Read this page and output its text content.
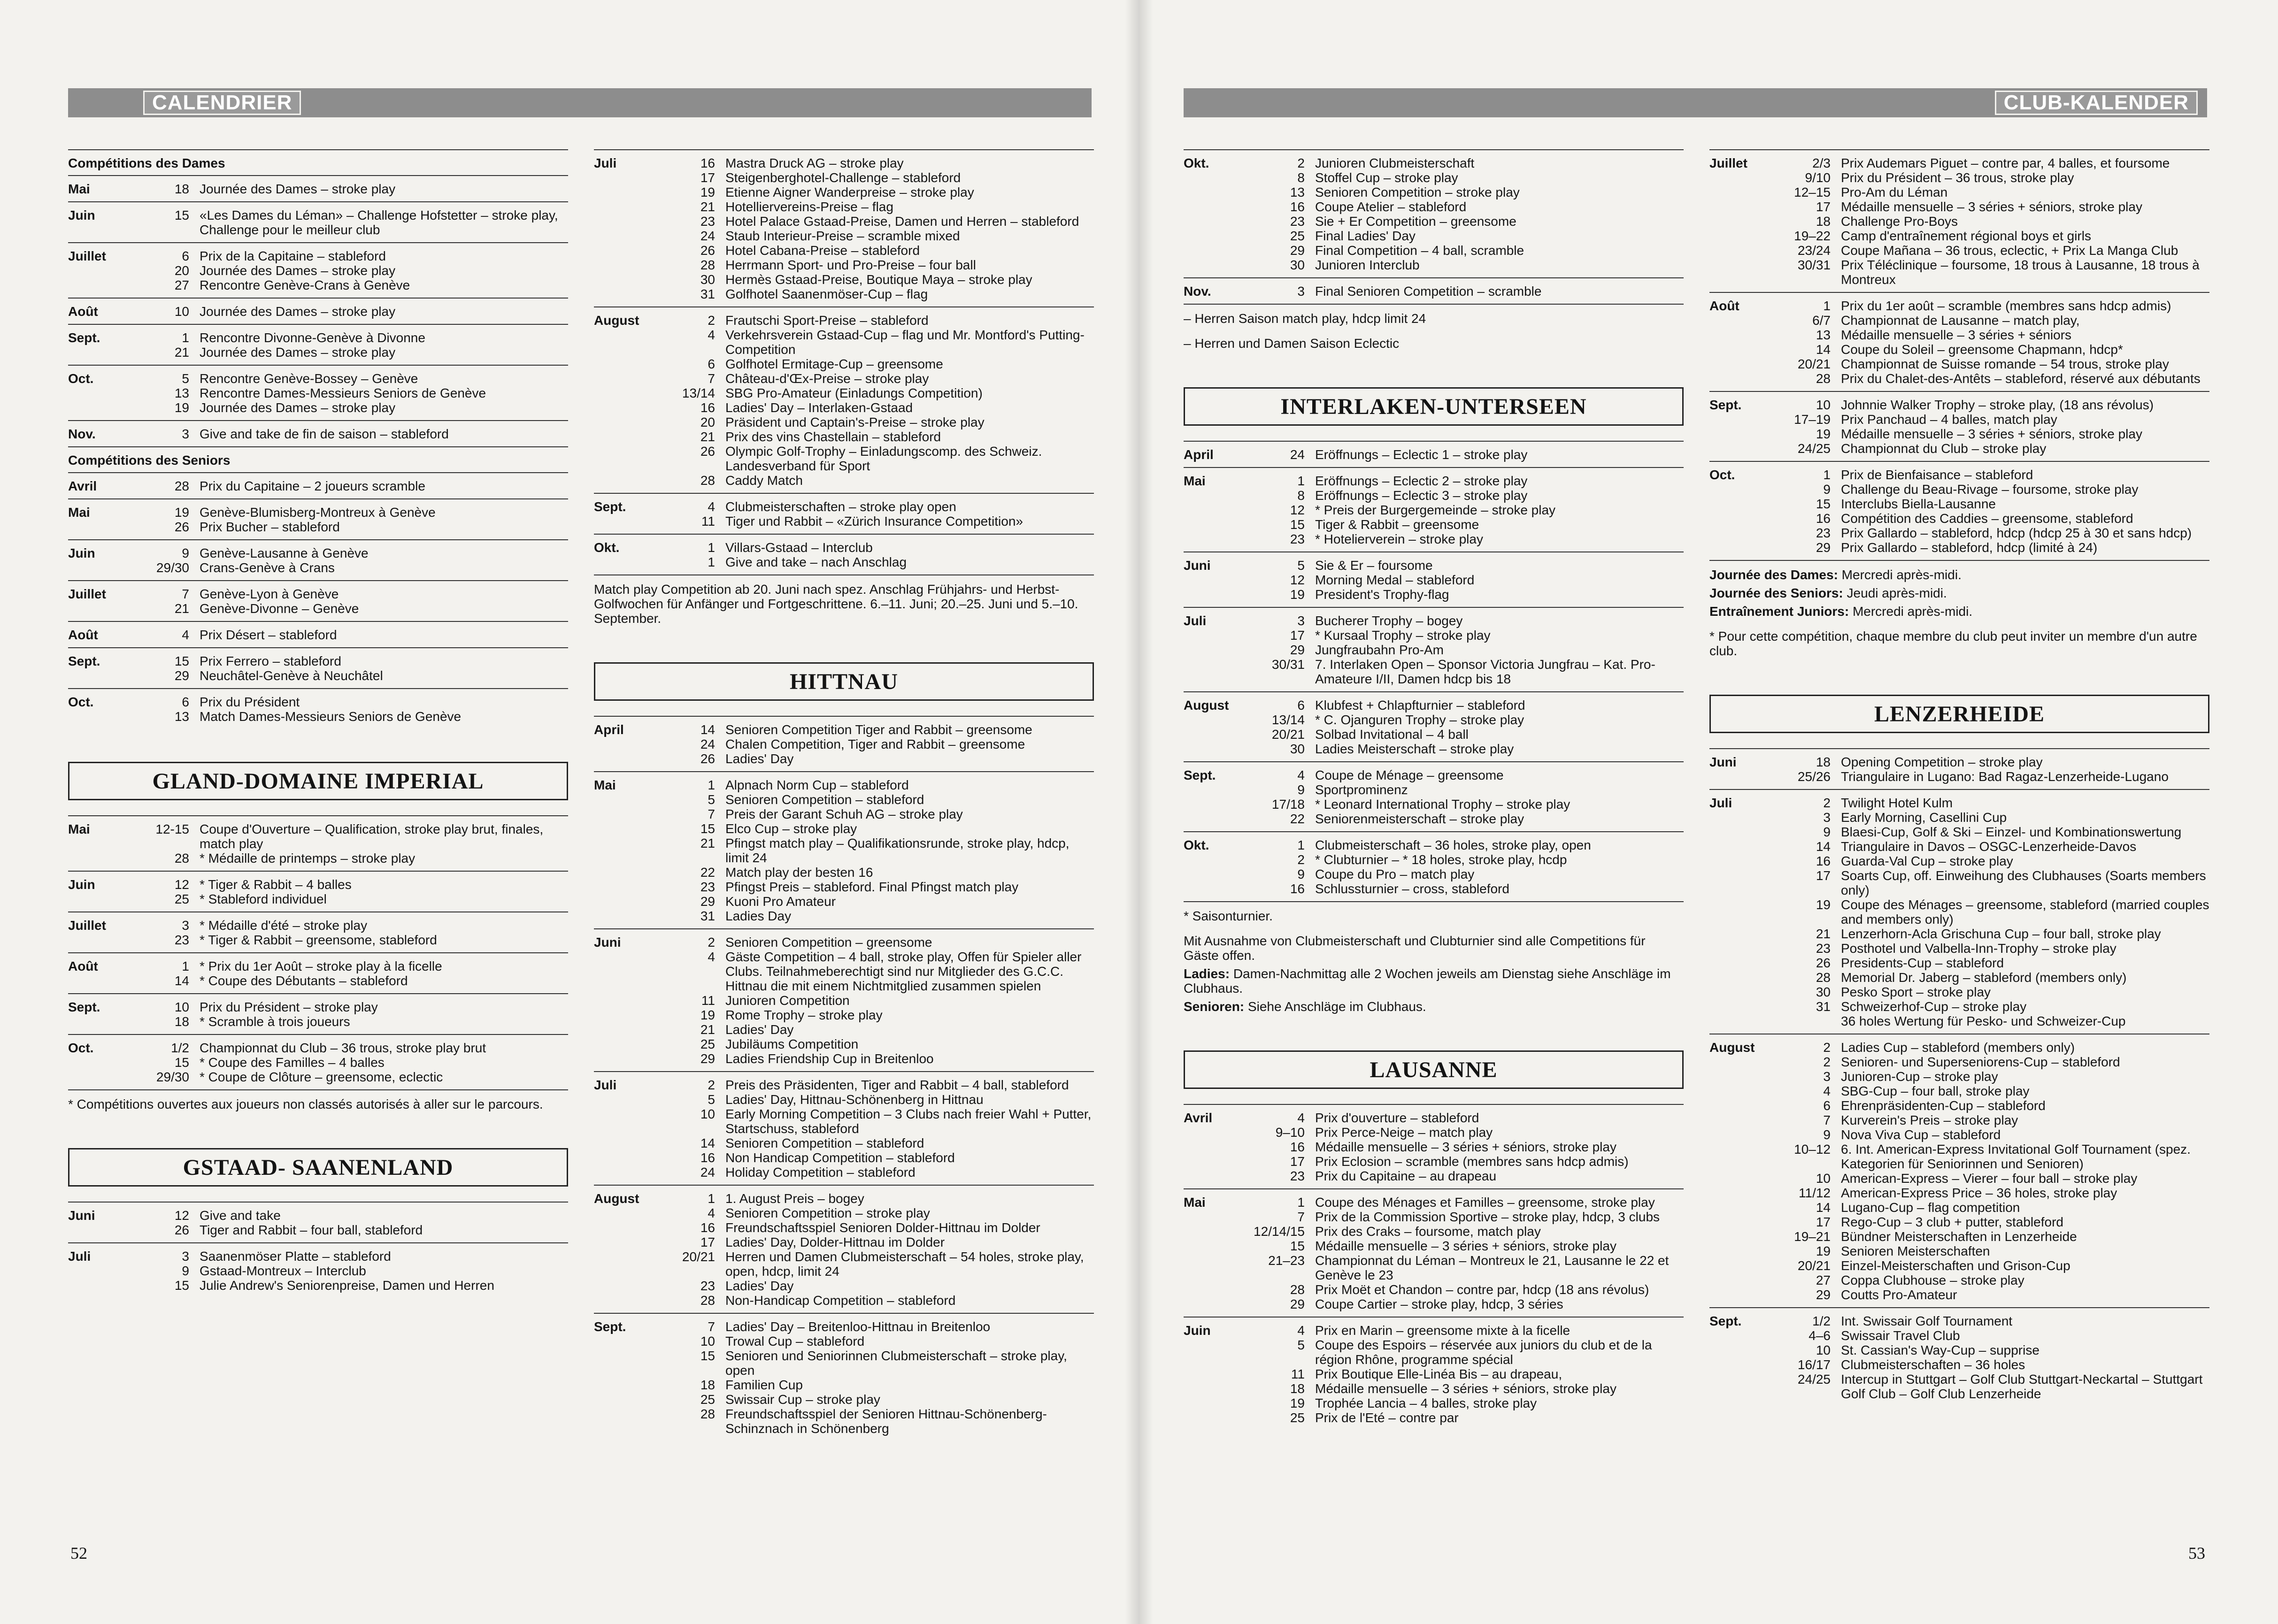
CALENDRIER
Compétitions des Dames
Mai	18 Journée des Dames – stroke play
Juin	15 «Les Dames du Léman» – Challenge Hofstetter – stroke play, Challenge pour le meilleur club
Juillet	6 Prix de la Capitaine – stableford
20 Journée des Dames – stroke play
27 Rencontre Genève-Crans à Genève
Août	10 Journée des Dames – stroke play
Sept.	1 Rencontre Divonne-Genève à Divonne
21 Journée des Dames – stroke play
Oct.	5 Rencontre Genève-Bossey – Genève
13 Rencontre Dames-Messieurs Seniors de Genève
19 Journée des Dames – stroke play
Nov.	3 Give and take de fin de saison – stableford
Compétitions des Seniors
Avril	28 Prix du Capitaine – 2 joueurs scramble
Mai	19 Genève-Blumisberg-Montreux à Genève
26 Prix Bucher – stableford
Juin	9 Genève-Lausanne à Genève
29/30 Crans-Genève à Crans
Juillet	7 Genève-Lyon à Genève
21 Genève-Divonne – Genève
Août	4 Prix Désert – stableford
Sept.	15 Prix Ferrero – stableford
29 Neuchâtel-Genève à Neuchâtel
Oct.	6 Prix du Président
13 Match Dames-Messieurs Seniors de Genève
GLAND-DOMAINE IMPERIAL
Mai	12-15 Coupe d'Ouverture – Qualification, stroke play brut, finales, match play
28 * Médaille de printemps – stroke play
Juin	12 * Tiger & Rabbit – 4 balles
25 * Stableford individuel
Juillet	3 * Médaille d'été – stroke play
23 * Tiger & Rabbit – greensome, stableford
Août	1 * Prix du 1er Août – stroke play à la ficelle
14 * Coupe des Débutants – stableford
Sept.	10 Prix du Président – stroke play
18 * Scramble à trois joueurs
Oct.	1/2 Championnat du Club – 36 trous, stroke play brut
15 * Coupe des Familles – 4 balles
29/30 * Coupe de Clôture – greensome, eclectic
* Compétitions ouvertes aux joueurs non classés autorisés à aller sur le parcours.
GSTAAD- SAANENLAND
Juni	12 Give and take
26 Tiger and Rabbit – four ball, stableford
Juli	3 Saanenmöser Platte – stableford
9 Gstaad-Montreux – Interclub
15 Julie Andrew's Seniorenpreise, Damen und Herren
Juli	16 Mastra Druck AG – stroke play
17 Steigenberghotel-Challenge – stableford
19 Etienne Aigner Wanderpreise – stroke play
21 Hotelliervereins-Preise – flag
23 Hotel Palace Gstaad-Preise, Damen und Herren – stableford
24 Staub Interieur-Preise – scramble mixed
26 Hotel Cabana-Preise – stableford
28 Herrmann Sport- und Pro-Preise – four ball
30 Hermès Gstaad-Preise, Boutique Maya – stroke play
31 Golfhotel Saanenmöser-Cup – flag
August	2 Frautschi Sport-Preise – stableford
4 Verkehrsverein Gstaad-Cup – flag und Mr. Montford's Putting-Competition
6 Golfhotel Ermitage-Cup – greensome
7 Château-d'Œx-Preise – stroke play
13/14 SBG Pro-Amateur (Einladungs Competition)
16 Ladies' Day – Interlaken-Gstaad
20 Präsident und Captain's-Preise – stroke play
21 Prix des vins Chastellain – stableford
26 Olympic Golf-Trophy – Einladungscomp. des Schweiz. Landesverband für Sport
28 Caddy Match
Sept.	4 Clubmeisterschaften – stroke play open
11 Tiger und Rabbit – «Zürich Insurance Competition»
Okt.	1 Villars-Gstaad – Interclub
1 Give and take – nach Anschlag
Match play Competition ab 20. Juni nach spez. Anschlag Frühjahrs- und Herbst-Golfwochen für Anfänger und Fortgeschrittene. 6.–11. Juni; 20.–25. Juni und 5.–10. September.
HITTNAU
April	14 Senioren Competition Tiger and Rabbit – greensome
24 Chalen Competition, Tiger and Rabbit – greensome
26 Ladies' Day
Mai	1 Alpnach Norm Cup – stableford
5 Senioren Competition – stableford
7 Preis der Garant Schuh AG – stroke play
15 Elco Cup – stroke play
21 Pfingst match play – Qualifikationsrunde, stroke play, hdcp, limit 24
22 Match play der besten 16
23 Pfingst Preis – stableford. Final Pfingst match play
29 Kuoni Pro Amateur
31 Ladies Day
Juni	2 Senioren Competition – greensome
4 Gäste Competition – 4 ball, stroke play, Offen für Spieler aller Clubs. Teilnahmeberechtigt sind nur Mitglieder des G.C.C. Hittnau die mit einem Nichtmitglied zusammen spielen
11 Junioren Competition
19 Rome Trophy – stroke play
21 Ladies' Day
25 Jubiläums Competition
29 Ladies Friendship Cup in Breitenloo
Juli	2 Preis des Präsidenten, Tiger and Rabbit – 4 ball, stableford
5 Ladies' Day, Hittnau-Schönenberg in Hittnau
10 Early Morning Competition – 3 Clubs nach freier Wahl + Putter, Startschuss, stableford
14 Senioren Competition – stableford
16 Non Handicap Competition – stableford
24 Holiday Competition – stableford
August	1 1. August Preis – bogey
4 Senioren Competition – stroke play
16 Freundschaftsspiel Senioren Dolder-Hittnau im Dolder
17 Ladies' Day, Dolder-Hittnau im Dolder
20/21 Herren und Damen Clubmeisterschaft – 54 holes, stroke play, open, hdcp, limit 24
23 Ladies' Day
28 Non-Handicap Competition – stableford
Sept.	7 Ladies' Day – Breitenloo-Hittnau in Breitenloo
10 Trowal Cup – stableford
15 Senioren und Seniorinnen Clubmeisterschaft – stroke play, open
18 Familien Cup
25 Swissair Cup – stroke play
28 Freundschaftsspiel der Senioren Hittnau-Schönenberg-Schinznach in Schönenberg
52
CLUB-KALENDER
Okt.	2 Junioren Clubmeisterschaft
8 Stoffel Cup – stroke play
13 Senioren Competition – stroke play
16 Coupe Atelier – stableford
23 Sie + Er Competition – greensome
25 Final Ladies' Day
29 Final Competition – 4 ball, scramble
30 Junioren Interclub
Nov.	3 Final Senioren Competition – scramble
– Herren Saison match play, hdcp limit 24
– Herren und Damen Saison Eclectic
INTERLAKEN-UNTERSEEN
April	24 Eröffnungs – Eclectic 1 – stroke play
Mai	1 Eröffnungs – Eclectic 2 – stroke play
8 Eröffnungs – Eclectic 3 – stroke play
12 * Preis der Burgergemeinde – stroke play
15 Tiger & Rabbit – greensome
23 * Hotelierverein – stroke play
Juni	5 Sie & Er – foursome
12 Morning Medal – stableford
19 President's Trophy-flag
Juli	3 Bucherer Trophy – bogey
17 * Kursaal Trophy – stroke play
29 Jungfraubahn Pro-Am
30/31 7. Interlaken Open – Sponsor Victoria Jungfrau – Kat. Pro-Amateure I/II, Damen hdcp bis 18
August	6 Klubfest + Chlapfturnier – stableford
13/14 * C. Ojanguren Trophy – stroke play
20/21 Solbad Invitational – 4 ball
30 Ladies Meisterschaft – stroke play
Sept.	4 Coupe de Ménage – greensome
9 Sportprominenz
17/18 * Leonard International Trophy – stroke play
22 Seniorenmeisterschaft – stroke play
Okt.	1 Clubmeisterschaft – 36 holes, stroke play, open
2 * Clubturnier – * 18 holes, stroke play, hcdp
9 Coupe du Pro – match play
16 Schlussturnier – cross, stableford
* Saisonturnier.
Mit Ausnahme von Clubmeisterschaft und Clubturnier sind alle Competitions für Gäste offen.
Ladies: Damen-Nachmittag alle 2 Wochen jeweils am Dienstag siehe Anschläge im Clubhaus.
Senioren: Siehe Anschläge im Clubhaus.
LAUSANNE
Avril	4 Prix d'ouverture – stableford
9–10 Prix Perce-Neige – match play
16 Médaille mensuelle – 3 séries + séniors, stroke play
17 Prix Eclosion – scramble (membres sans hdcp admis)
23 Prix du Capitaine – au drapeau
Mai	1 Coupe des Ménages et Familles – greensome, stroke play
7 Prix de la Commission Sportive – stroke play, hdcp, 3 clubs
12/14/15 Prix des Craks – foursome, match play
15 Médaille mensuelle – 3 séries + séniors, stroke play
21–23 Championnat du Léman – Montreux le 21, Lausanne le 22 et Genève le 23
28 Prix Moët et Chandon – contre par, hdcp (18 ans révolus)
29 Coupe Cartier – stroke play, hdcp, 3 séries
Juin	4 Prix en Marin – greensome mixte à la ficelle
5 Coupe des Espoirs – réservée aux juniors du club et de la région Rhône, programme spécial
11 Prix Boutique Elle-Linéa Bis – au drapeau,
18 Médaille mensuelle – 3 séries + séniors, stroke play
19 Trophée Lancia – 4 balles, stroke play
25 Prix de l'Eté – contre par
Juillet	2/3 Prix Audemars Piguet – contre par, 4 balles, et foursome
9/10 Prix du Président – 36 trous, stroke play
12–15 Pro-Am du Léman
17 Médaille mensuelle – 3 séries + séniors, stroke play
18 Challenge Pro-Boys
19–22 Camp d'entraînement régional boys et girls
23/24 Coupe Mañana – 36 trous, eclectic, + Prix La Manga Club
30/31 Prix Téléclinique – foursome, 18 trous à Lausanne, 18 trous à Montreux
Août	1 Prix du 1er août – scramble (membres sans hdcp admis)
6/7 Championnat de Lausanne – match play,
13 Médaille mensuelle – 3 séries + séniors
14 Coupe du Soleil – greensome Chapmann, hdcp*
20/21 Championnat de Suisse romande – 54 trous, stroke play
28 Prix du Chalet-des-Antêts – stableford, réservé aux débutants
Sept.	10 Johnnie Walker Trophy – stroke play, (18 ans révolus)
17–19 Prix Panchaud – 4 balles, match play
19 Médaille mensuelle – 3 séries + séniors, stroke play
24/25 Championnat du Club – stroke play
Oct.	1 Prix de Bienfaisance – stableford
9 Challenge du Beau-Rivage – foursome, stroke play
15 Interclubs Biella-Lausanne
16 Compétition des Caddies – greensome, stableford
23 Prix Gallardo – stableford, hdcp (hdcp 25 à 30 et sans hdcp)
29 Prix Gallardo – stableford, hdcp (limité à 24)
Journée des Dames: Mercredi après-midi.
Journée des Seniors: Jeudi après-midi.
Entraînement Juniors: Mercredi après-midi.
* Pour cette compétition, chaque membre du club peut inviter un membre d'un autre club.
LENZERHEIDE
Juni	18 Opening Competition – stroke play
25/26 Triangulaire in Lugano: Bad Ragaz-Lenzerheide-Lugano
Juli	2 Twilight Hotel Kulm
3 Early Morning, Casellini Cup
9 Blaesi-Cup, Golf & Ski – Einzel- und Kombinationswertung
14 Triangulaire in Davos – OSGC-Lenzerheide-Davos
16 Guarda-Val Cup – stroke play
17 Soarts Cup, off. Einweihung des Clubhauses (Soarts members only)
19 Coupe des Ménages – greensome, stableford (married couples and members only)
21 Lenzerhorn-Acla Grischuna Cup – four ball, stroke play
23 Posthotel und Valbella-Inn-Trophy – stroke play
26 Presidents-Cup – stableford
28 Memorial Dr. Jaberg – stableford (members only)
30 Pesko Sport – stroke play
31 Schweizerhof-Cup – stroke play
36 holes Wertung für Pesko- und Schweizer-Cup
August	2 Ladies Cup – stableford (members only)
2 Senioren- und Superseniorens-Cup – stableford
3 Junioren-Cup – stroke play
4 SBG-Cup – four ball, stroke play
6 Ehrenpräsidenten-Cup – stableford
7 Kurverein's Preis – stroke play
9 Nova Viva Cup – stableford
10–12 6. Int. American-Express Invitational Golf Tournament (spez. Kategorien für Seniorinnen und Senioren)
10 American-Express – Vierer – four ball – stroke play
11/12 American-Express Price – 36 holes, stroke play
14 Lugano-Cup – flag competition
17 Rego-Cup – 3 club + putter, stableford
19–21 Bündner Meisterschaften in Lenzerheide
19 Senioren Meisterschaften
20/21 Einzel-Meisterschaften und Grison-Cup
27 Coppa Clubhouse – stroke play
29 Coutts Pro-Amateur
Sept.	1/2 Int. Swissair Golf Tournament
4–6 Swissair Travel Club
10 St. Cassian's Way-Cup – supprise
16/17 Clubmeisterschaften – 36 holes
24/25 Intercup in Stuttgart – Golf Club Stuttgart-Neckartal – Stuttgart
Golf Club – Golf Club Lenzerheide
53
